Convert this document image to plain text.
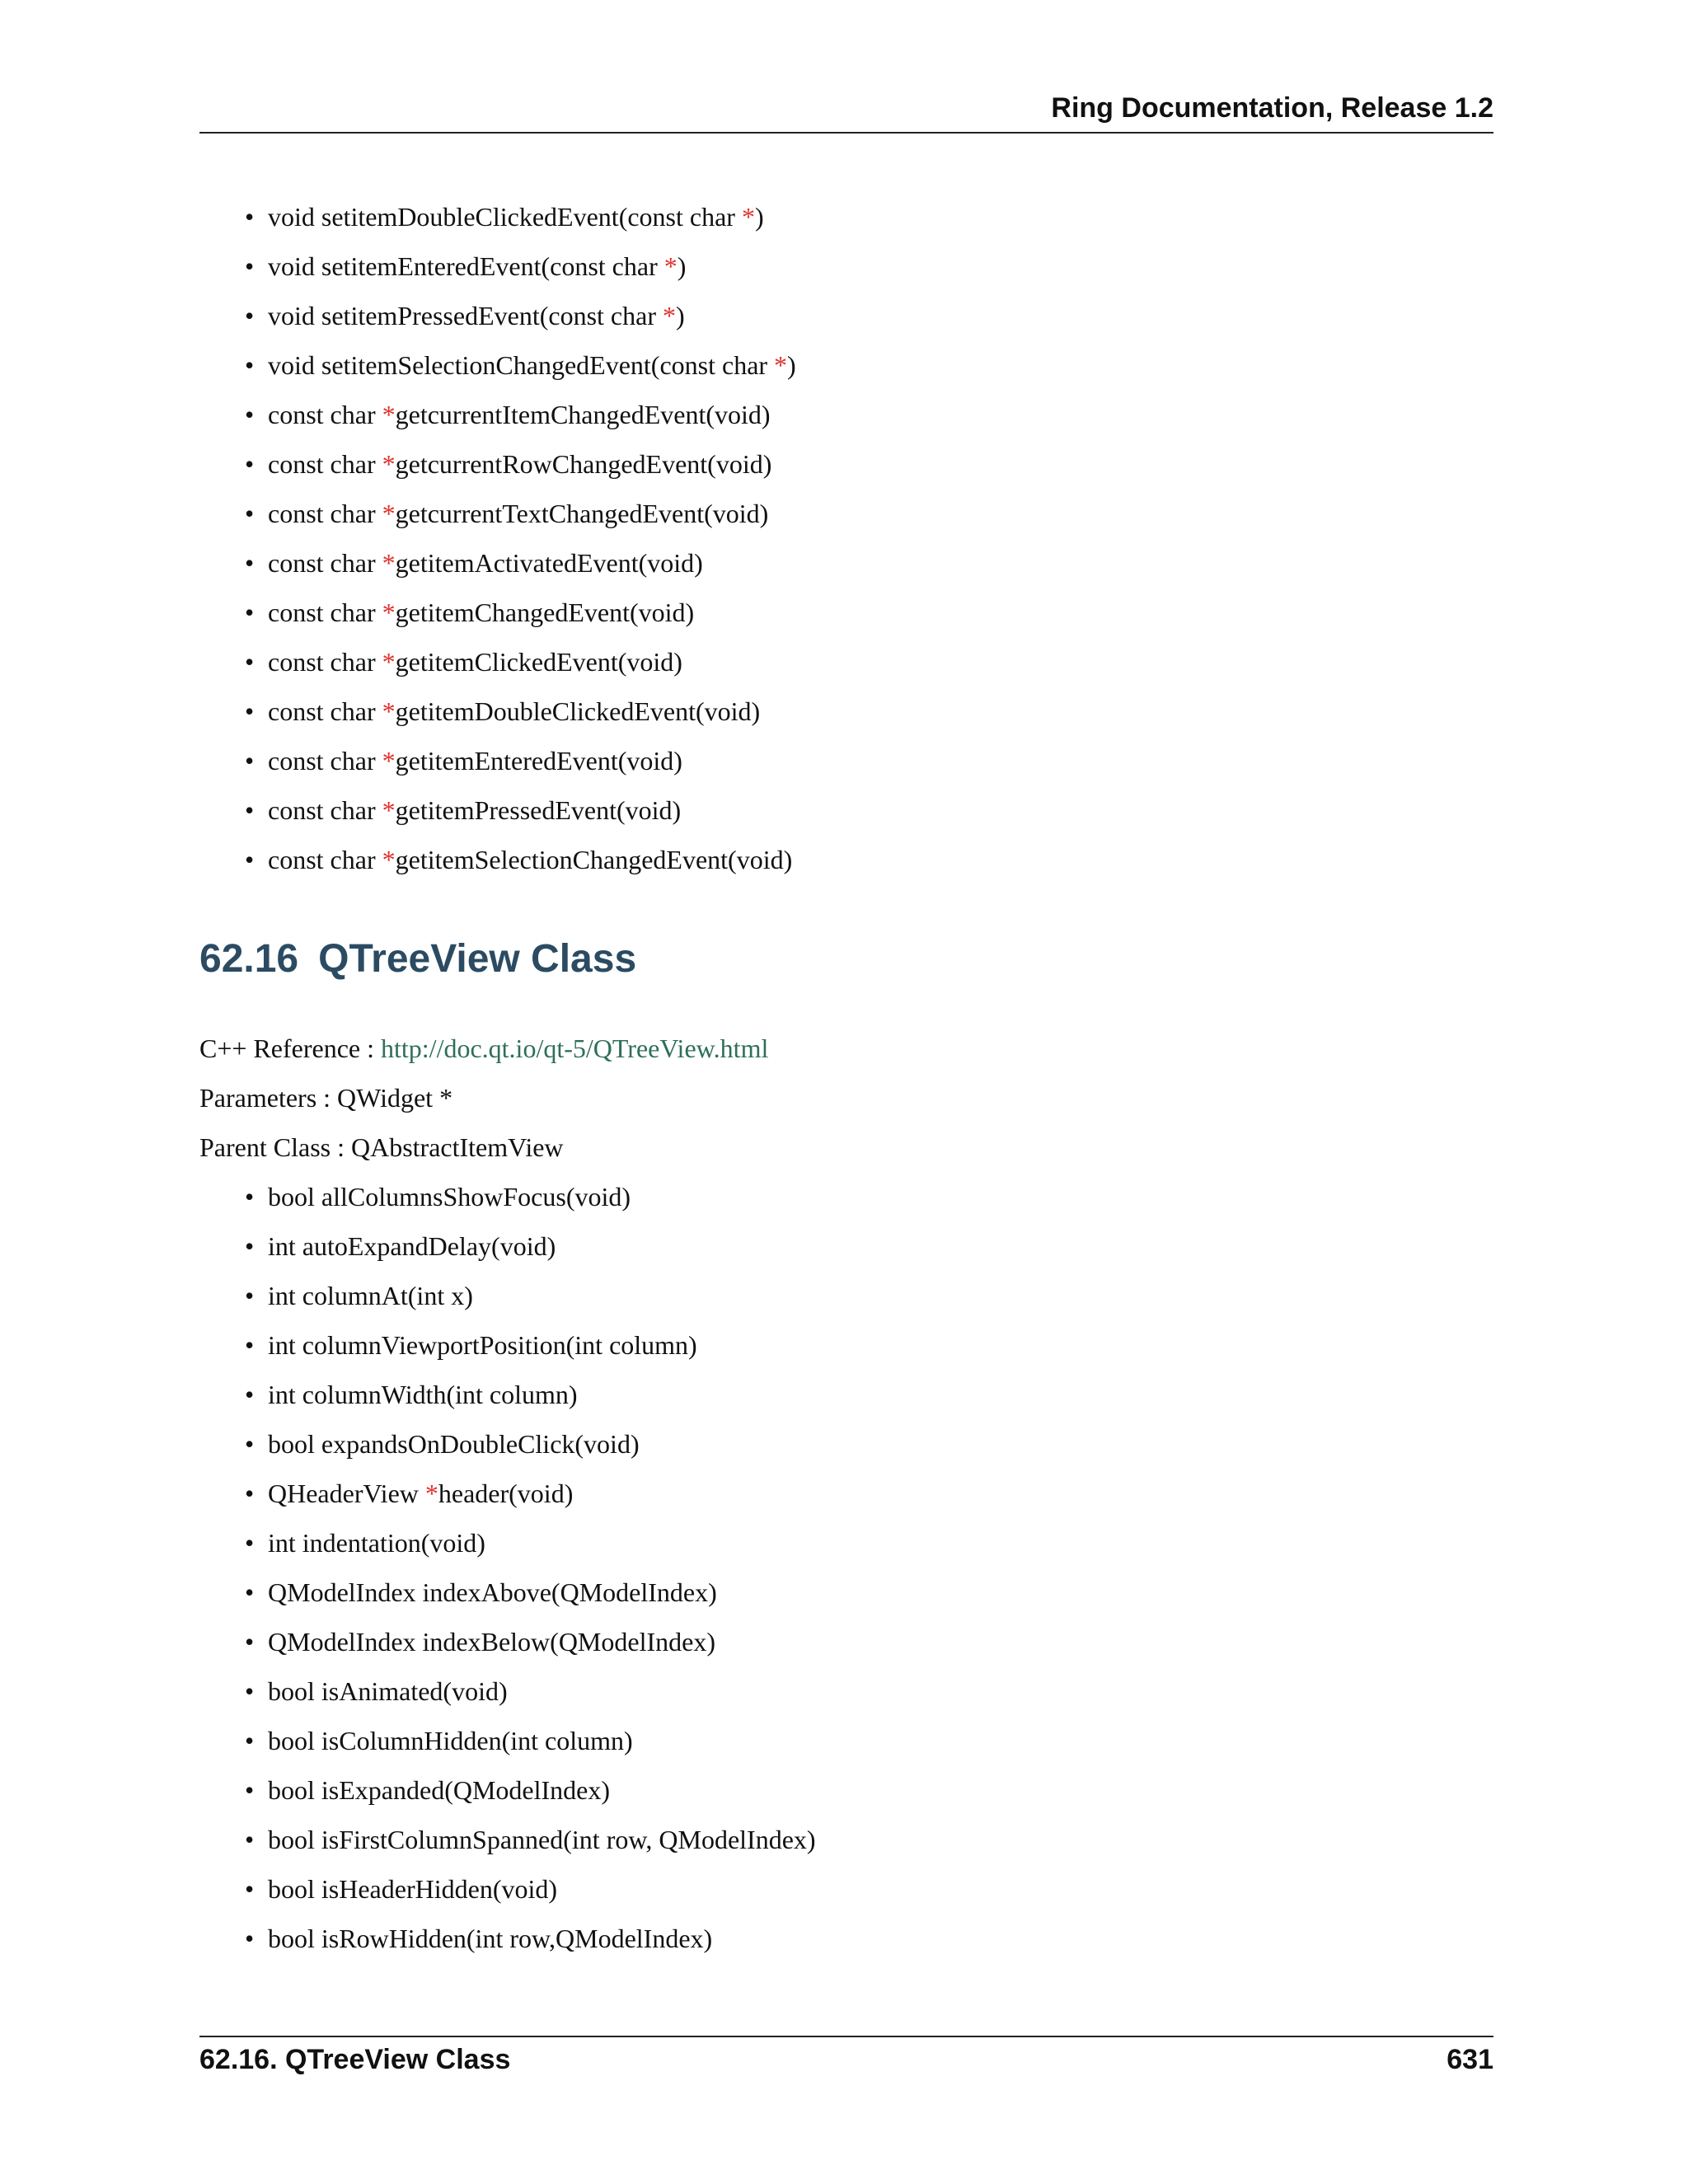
Ring Documentation, Release 1.2
• void setitemDoubleClickedEvent(const char *)
• void setitemEnteredEvent(const char *)
• void setitemPressedEvent(const char *)
• void setitemSelectionChangedEvent(const char *)
• const char *getcurrentItemChangedEvent(void)
• const char *getcurrentRowChangedEvent(void)
• const char *getcurrentTextChangedEvent(void)
• const char *getitemActivatedEvent(void)
• const char *getitemChangedEvent(void)
• const char *getitemClickedEvent(void)
• const char *getitemDoubleClickedEvent(void)
• const char *getitemEnteredEvent(void)
• const char *getitemPressedEvent(void)
• const char *getitemSelectionChangedEvent(void)
62.16 QTreeView Class
C++ Reference : http://doc.qt.io/qt-5/QTreeView.html
Parameters : QWidget *
Parent Class : QAbstractItemView
• bool allColumnsShowFocus(void)
• int autoExpandDelay(void)
• int columnAt(int x)
• int columnViewportPosition(int column)
• int columnWidth(int column)
• bool expandsOnDoubleClick(void)
• QHeaderView *header(void)
• int indentation(void)
• QModelIndex indexAbove(QModelIndex)
• QModelIndex indexBelow(QModelIndex)
• bool isAnimated(void)
• bool isColumnHidden(int column)
• bool isExpanded(QModelIndex)
• bool isFirstColumnSpanned(int row, QModelIndex)
• bool isHeaderHidden(void)
• bool isRowHidden(int row,QModelIndex)
62.16. QTreeView Class	631
